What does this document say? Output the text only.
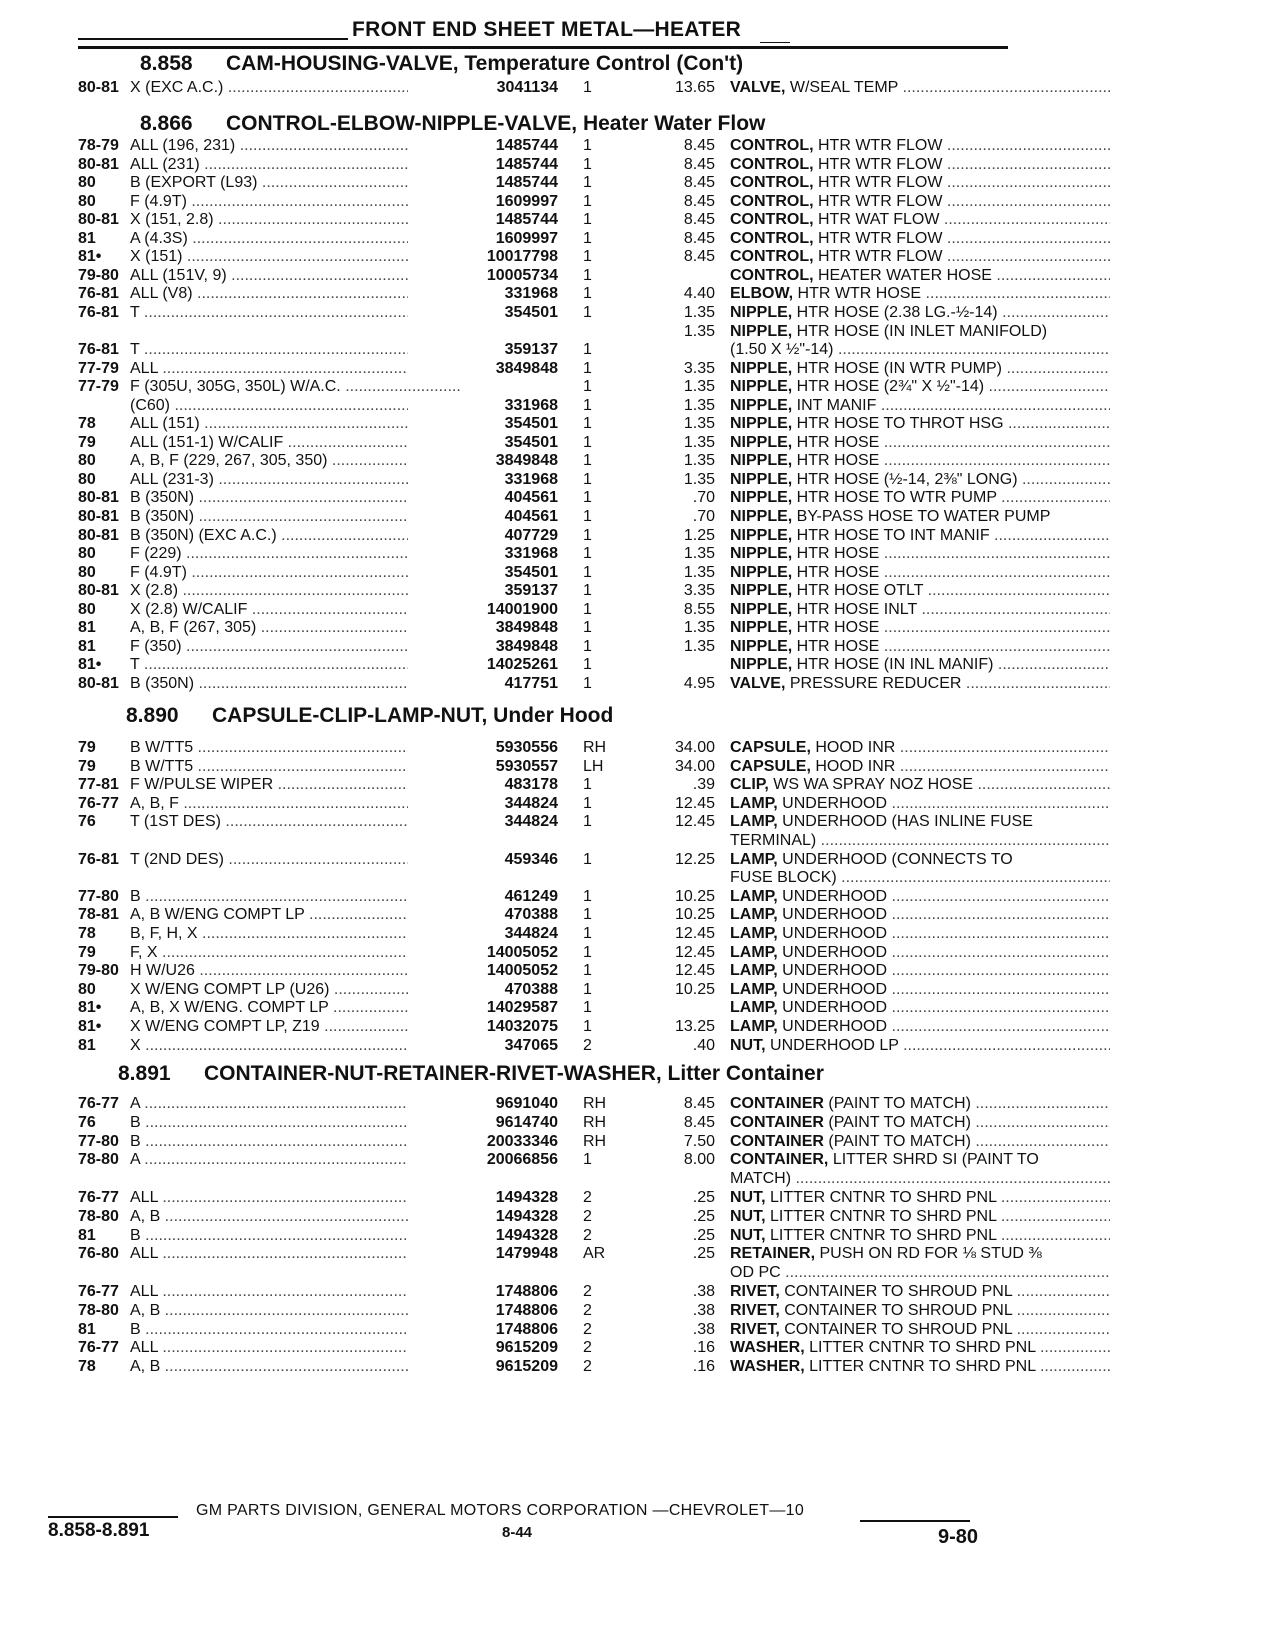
FRONT END SHEET METAL—HEATER
8.858 CAM-HOUSING-VALVE, Temperature Control (Con't)
80-81 X (EXC A.C.) .....	3041134 1	13.65 VALVE, W/SEAL TEMP .....
8.866 CONTROL-ELBOW-NIPPLE-VALVE, Heater Water Flow
78-79 ALL (196, 231) .....	1485744 1	8.45 CONTROL, HTR WTR FLOW .....
80-81 ALL (231) .....	1485744 1	8.45 CONTROL, HTR WTR FLOW .....
80 B (EXPORT (L93) .....	1485744 1	8.45 CONTROL, HTR WTR FLOW .....
80 F (4.9T) .....	1609997 1	8.45 CONTROL, HTR WTR FLOW .....
80-81 X (151, 2.8) .....	1485744 1	8.45 CONTROL, HTR WAT FLOW .....
81 A (4.3S) .....	1609997 1	8.45 CONTROL, HTR WTR FLOW .....
81• X (151) .....	10017798 1	8.45 CONTROL, HTR WTR FLOW .....
79-80 ALL (151V, 9) .....	10005734 1	CONTROL, HEATER WATER HOSE .....
76-81 ALL (V8) .....	331968 1	4.40 ELBOW, HTR WTR HOSE .....
76-81 T .....	354501 1	1.35 NIPPLE, HTR HOSE (2.38 LG.-½-14) .....
1.35 NIPPLE, HTR HOSE (IN INLET MANIFOLD)
76-81 T .....	359137 1	(1.50 X ½"-14) .....
77-79 ALL .....	3849848 1	3.35 NIPPLE, HTR HOSE (IN WTR PUMP) .....
77-79 F (305U, 305G, 350L) W/A.C. .....	1	1.35 NIPPLE, HTR HOSE (2¾" X ½"-14) .....
(C60) .....	331968 1	1.35 NIPPLE, INT MANIF .....
78 ALL (151) .....	354501 1	1.35 NIPPLE, HTR HOSE TO THROT HSG .....
79 ALL (151-1) W/CALIF .....	354501 1	1.35 NIPPLE, HTR HOSE .....
80 A, B, F (229, 267, 305, 350) .....	3849848 1	1.35 NIPPLE, HTR HOSE .....
80 ALL (231-3) .....	331968 1	1.35 NIPPLE, HTR HOSE (½-14, 2⅜" LONG) .....
80-81 B (350N) .....	404561 1	.70 NIPPLE, HTR HOSE TO WTR PUMP .....
80-81 B (350N) .....	404561 1	.70 NIPPLE, BY-PASS HOSE TO WATER PUMP
80-81 B (350N) (EXC A.C.) .....	407729 1	1.25 NIPPLE, HTR HOSE TO INT MANIF .....
80 F (229) .....	331968 1	1.35 NIPPLE, HTR HOSE .....
80 F (4.9T) .....	354501 1	1.35 NIPPLE, HTR HOSE .....
80-81 X (2.8) .....	359137 1	3.35 NIPPLE, HTR HOSE OTLT .....
80 X (2.8) W/CALIF .....	14001900 1	8.55 NIPPLE, HTR HOSE INLT .....
81 A, B, F (267, 305) .....	3849848 1	1.35 NIPPLE, HTR HOSE .....
81 F (350) .....	3849848 1	1.35 NIPPLE, HTR HOSE .....
81• T .....	14025261 1	NIPPLE, HTR HOSE (IN INL MANIF) .....
80-81 B (350N) .....	417751 1	4.95 VALVE, PRESSURE REDUCER .....
8.890 CAPSULE-CLIP-LAMP-NUT, Under Hood
79 B W/TT5 .....	5930556 RH	34.00 CAPSULE, HOOD INR .....
79 B W/TT5 .....	5930557 LH	34.00 CAPSULE, HOOD INR .....
77-81 F W/PULSE WIPER .....	483178 1	.39 CLIP, WS WA SPRAY NOZ HOSE .....
76-77 A, B, F .....	344824 1	12.45 LAMP, UNDERHOOD .....
76 T (1ST DES) .....	344824 1	12.45 LAMP, UNDERHOOD (HAS INLINE FUSE
TERMINAL) .....
76-81 T (2ND DES) .....	459346 1	12.25 LAMP, UNDERHOOD (CONNECTS TO
FUSE BLOCK) .....
77-80 B .....	461249 1	10.25 LAMP, UNDERHOOD .....
78-81 A, B W/ENG COMPT LP .....	470388 1	10.25 LAMP, UNDERHOOD .....
78 B, F, H, X .....	344824 1	12.45 LAMP, UNDERHOOD .....
79 F, X .....	14005052 1	12.45 LAMP, UNDERHOOD .....
79-80 H W/U26 .....	14005052 1	12.45 LAMP, UNDERHOOD .....
80 X W/ENG COMPT LP (U26) .....	470388 1	10.25 LAMP, UNDERHOOD .....
81• A, B, X W/ENG. COMPT LP .....	14029587 1	LAMP, UNDERHOOD .....
81• X W/ENG COMPT LP, Z19 .....	14032075 1	13.25 LAMP, UNDERHOOD .....
81 X .....	347065 2	.40 NUT, UNDERHOOD LP .....
8.891 CONTAINER-NUT-RETAINER-RIVET-WASHER, Litter Container
76-77 A .....	9691040 RH	8.45 CONTAINER (PAINT TO MATCH) .....
76 B .....	9614740 RH	8.45 CONTAINER (PAINT TO MATCH) .....
77-80 B .....	20033346 RH	7.50 CONTAINER (PAINT TO MATCH) .....
78-80 A .....	20066856 1	8.00 CONTAINER, LITTER SHRD SI (PAINT TO
MATCH) .....
76-77 ALL .....	1494328 2	.25 NUT, LITTER CNTNR TO SHRD PNL .....
78-80 A, B .....	1494328 2	.25 NUT, LITTER CNTNR TO SHRD PNL .....
81 B .....	1494328 2	.25 NUT, LITTER CNTNR TO SHRD PNL .....
76-80 ALL .....	1479948 AR	.25 RETAINER, PUSH ON RD FOR ⅛ STUD ⅜
OD PC .....
76-77 ALL .....	1748806 2	.38 RIVET, CONTAINER TO SHROUD PNL .....
78-80 A, B .....	1748806 2	.38 RIVET, CONTAINER TO SHROUD PNL .....
81 B .....	1748806 2	.38 RIVET, CONTAINER TO SHROUD PNL .....
76-77 ALL .....	9615209 2	.16 WASHER, LITTER CNTNR TO SHRD PNL .....
78 A, B .....	9615209 2	.16 WASHER, LITTER CNTNR TO SHRD PNL .....
8.858-8.891
GM PARTS DIVISION, GENERAL MOTORS CORPORATION —CHEVROLET—10
8-44	9-80
